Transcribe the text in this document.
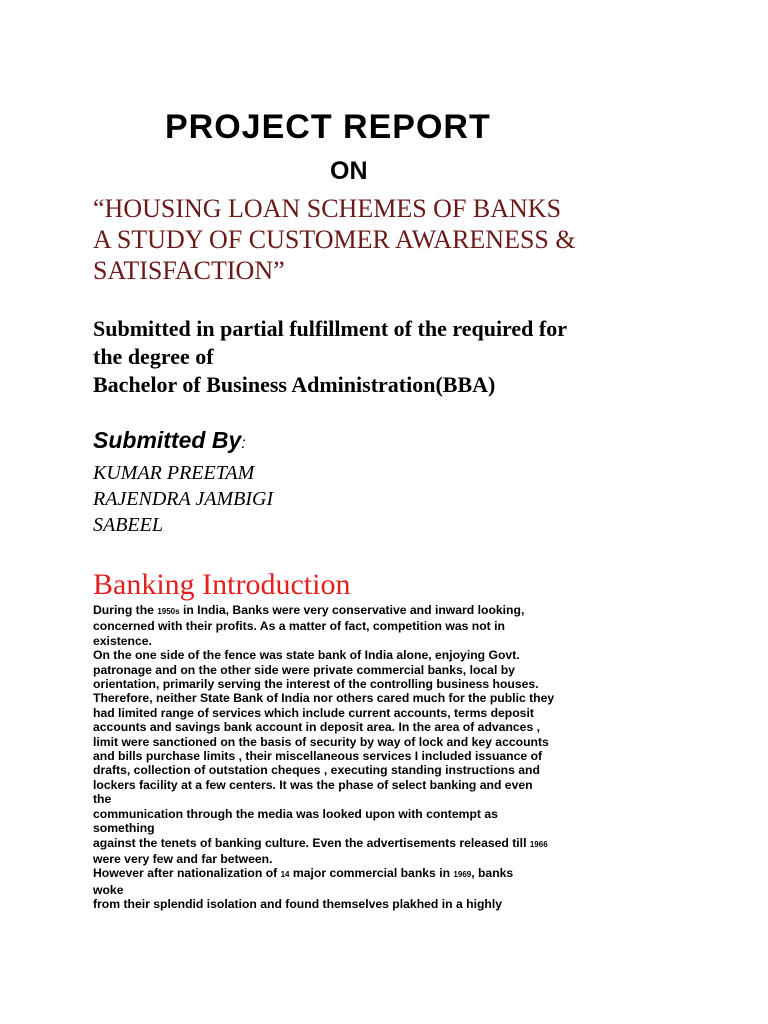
PROJECT REPORT
ON
“HOUSING LOAN SCHEMES OF BANKS
A STUDY OF CUSTOMER AWARENESS &
SATISFACTION”
Submitted in partial fulfillment of the required for
the degree of
Bachelor of Business Administration(BBA)
Submitted By:
KUMAR PREETAM
RAJENDRA JAMBIGI
SABEEL
Banking Introduction
During the 1950s in India, Banks were very conservative and inward looking,
concerned with their profits. As a matter of fact, competition was not in
existence.
On the one side of the fence was state bank of India alone, enjoying Govt.
patronage and on the other side were private commercial banks, local by
orientation, primarily serving the interest of the controlling business houses.
Therefore, neither State Bank of India nor others cared much for the public they
had limited range of services which include current accounts, terms deposit
accounts and savings bank account in deposit area. In the area of advances ,
limit were sanctioned on the basis of security by way of lock and key accounts
and bills purchase limits , their miscellaneous services I included issuance of
drafts, collection of outstation cheques , executing standing instructions and
lockers facility at a few centers. It was the phase of select banking and even
the
communication through the media was looked upon with contempt as
something
against the tenets of banking culture. Even the advertisements released till 1966
were very few and far between.
However after nationalization of 14 major commercial banks in 1969, banks
woke
from their splendid isolation and found themselves plakhed in a highly
